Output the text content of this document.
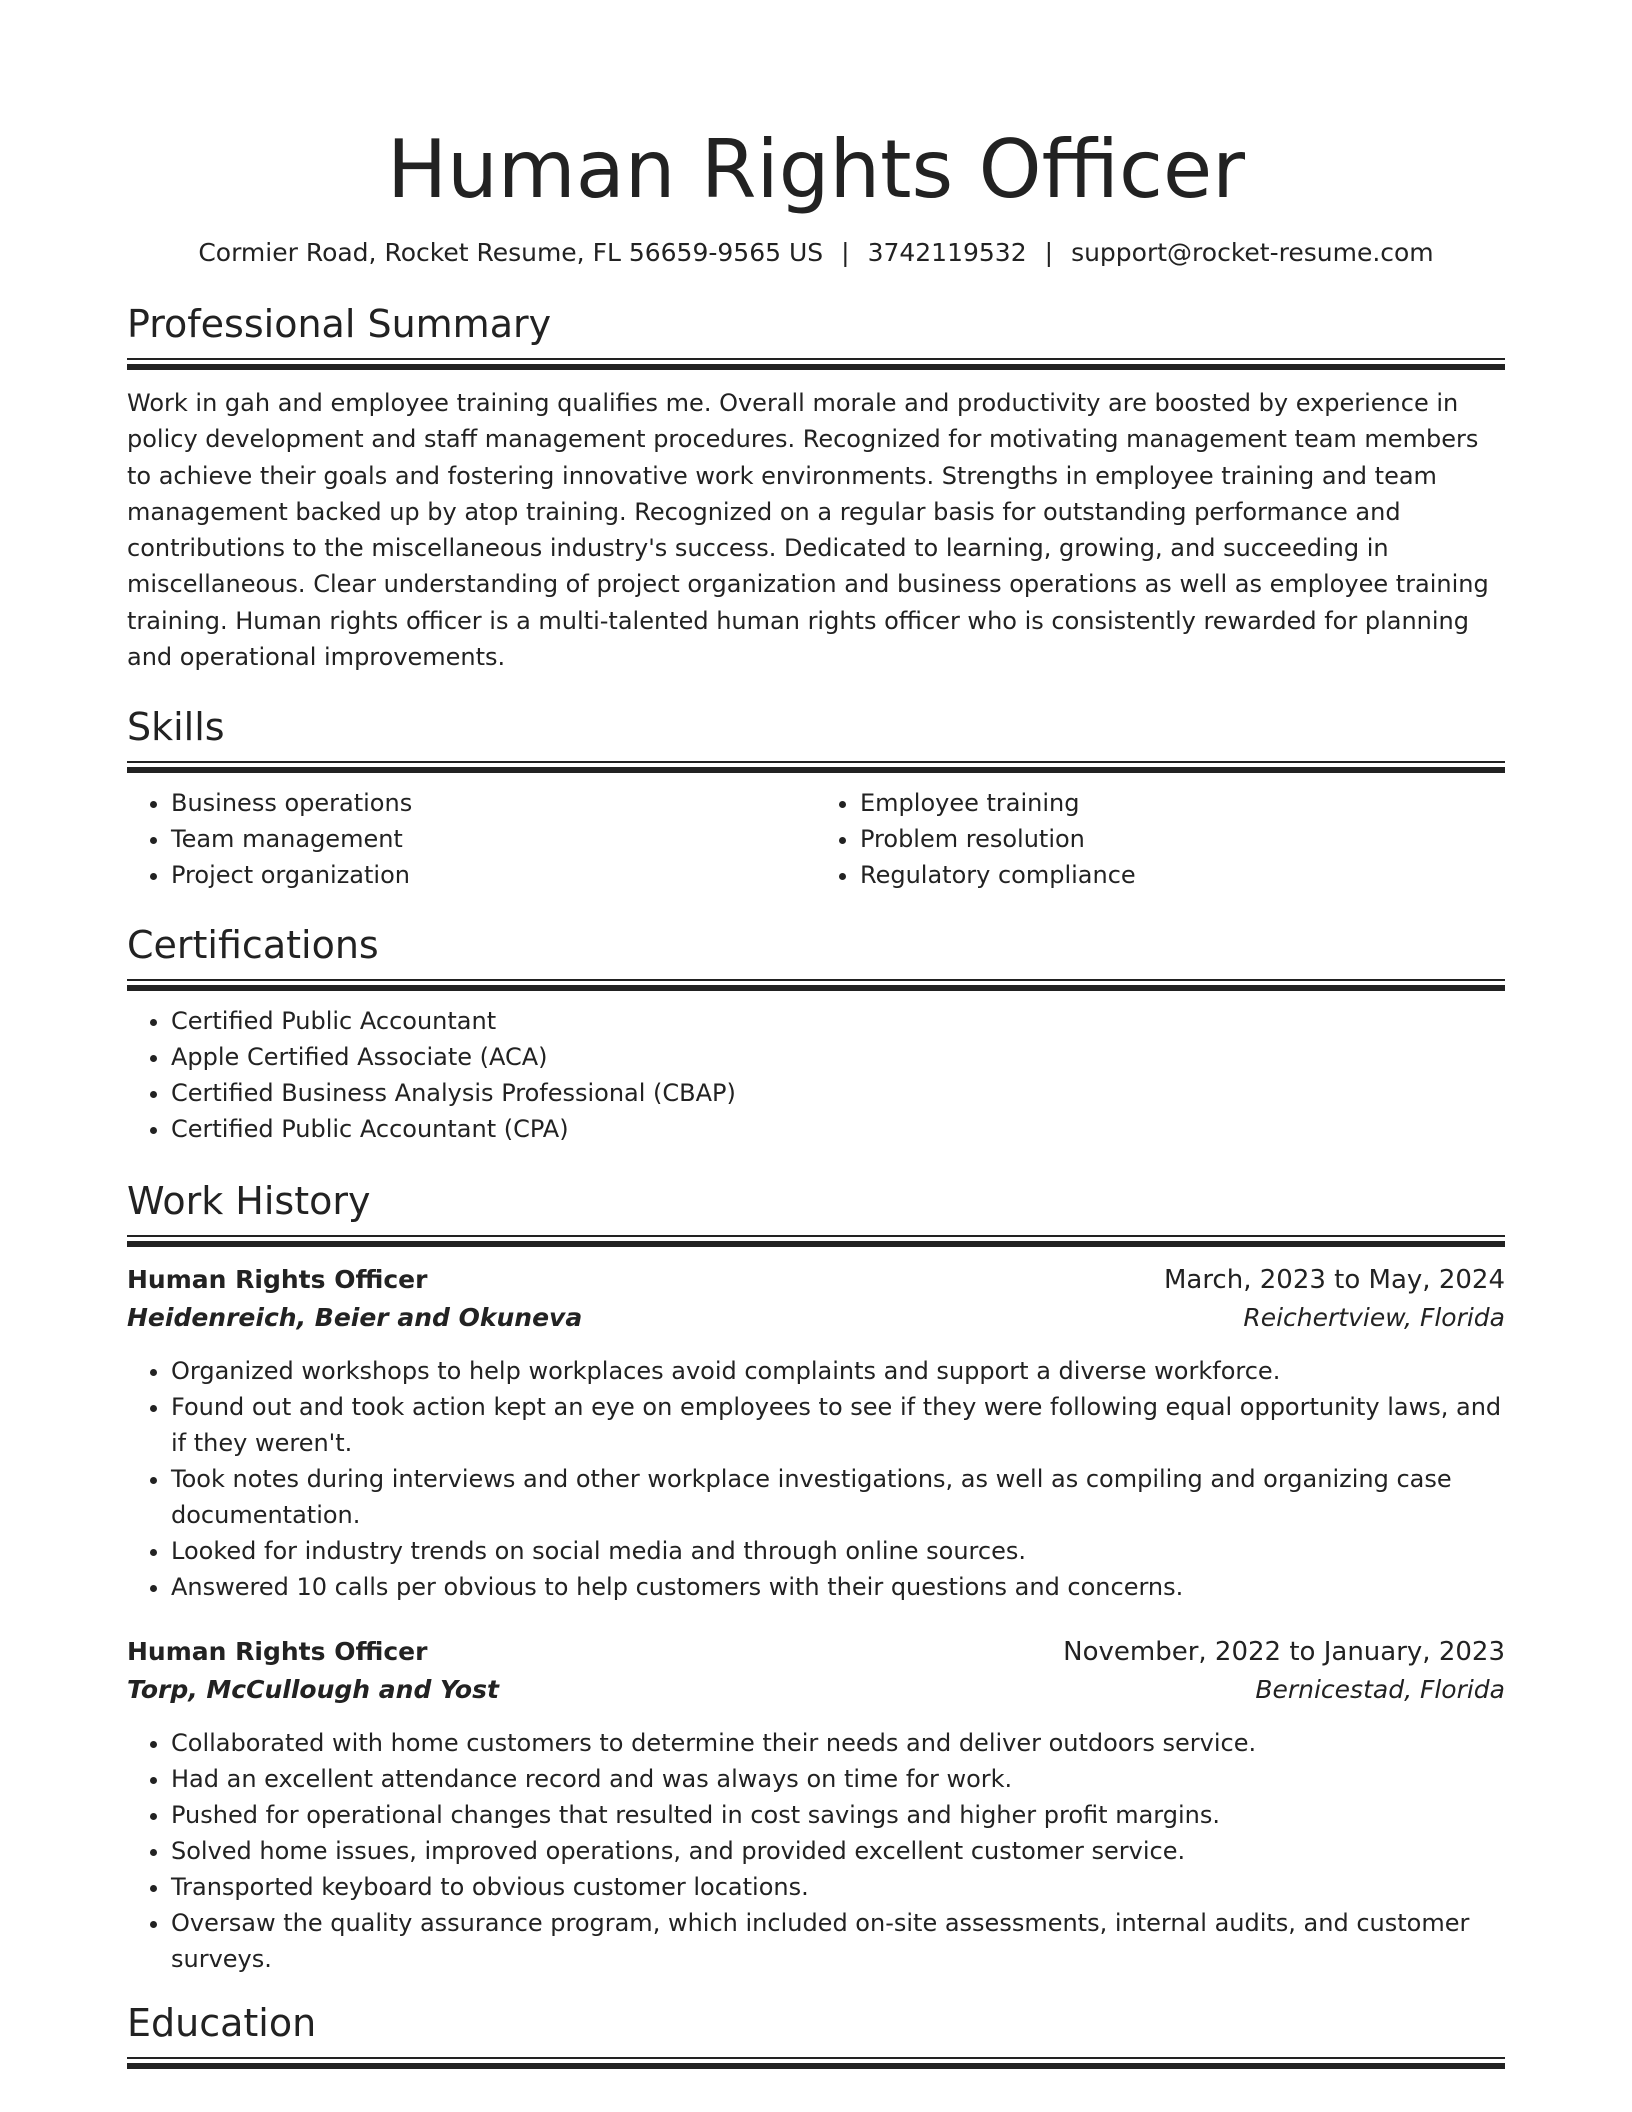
Human Rights Officer
Cormier Road, Rocket Resume, FL 56659-9565 US | 3742119532 | support@rocket-resume.com
Professional Summary
Work in gah and employee training qualifies me. Overall morale and productivity are boosted by experience in policy development and staff management procedures. Recognized for motivating management team members to achieve their goals and fostering innovative work environments. Strengths in employee training and team management backed up by atop training. Recognized on a regular basis for outstanding performance and contributions to the miscellaneous industry's success. Dedicated to learning, growing, and succeeding in miscellaneous. Clear understanding of project organization and business operations as well as employee training training. Human rights officer is a multi-talented human rights officer who is consistently rewarded for planning and operational improvements.
Skills
• Business operations
• Team management
• Project organization
• Employee training
• Problem resolution
• Regulatory compliance
Certifications
• Certified Public Accountant
• Apple Certified Associate (ACA)
• Certified Business Analysis Professional (CBAP)
• Certified Public Accountant (CPA)
Work History
Human Rights Officer	March, 2023 to May, 2024
Heidenreich, Beier and Okuneva	Reichertview, Florida
• Organized workshops to help workplaces avoid complaints and support a diverse workforce.
• Found out and took action kept an eye on employees to see if they were following equal opportunity laws, and if they weren't.
• Took notes during interviews and other workplace investigations, as well as compiling and organizing case documentation.
• Looked for industry trends on social media and through online sources.
• Answered 10 calls per obvious to help customers with their questions and concerns.
Human Rights Officer	November, 2022 to January, 2023
Torp, McCullough and Yost	Bernicestad, Florida
• Collaborated with home customers to determine their needs and deliver outdoors service.
• Had an excellent attendance record and was always on time for work.
• Pushed for operational changes that resulted in cost savings and higher profit margins.
• Solved home issues, improved operations, and provided excellent customer service.
• Transported keyboard to obvious customer locations.
• Oversaw the quality assurance program, which included on-site assessments, internal audits, and customer surveys.
Education
